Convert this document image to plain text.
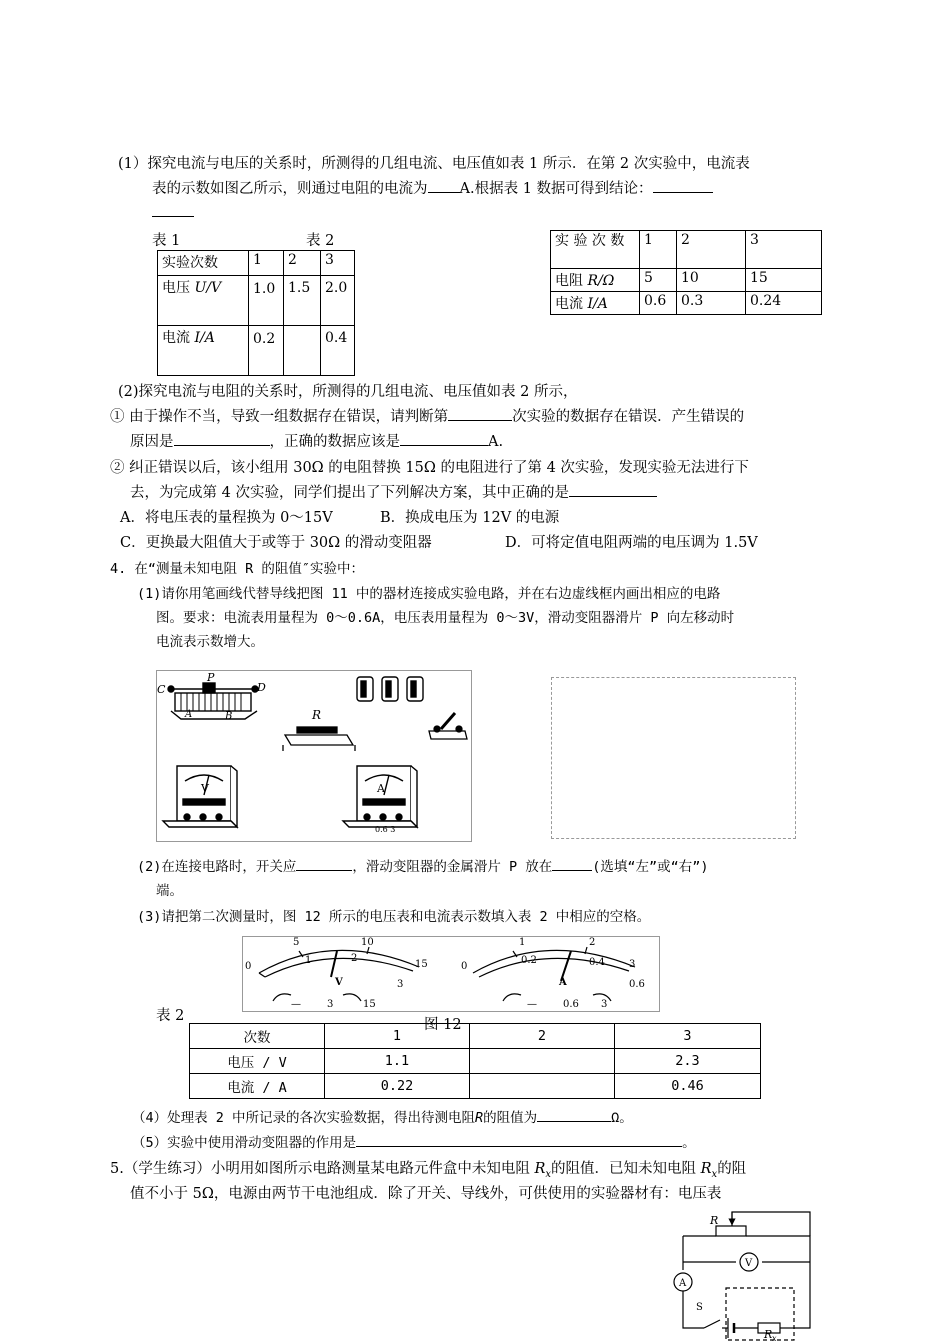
(1）探究电流与电压的关系时，所测得的几组电流、电压值如表 1 所示．在第 2 次实验中，电流表
表的示数如图乙所示，则通过电阻的电流为 A.根据表 1 数据可得到结论：
表 1	表 2
实验次数	1	2	3
电压 U/V	1.0	1.5	2.0
电流 I/A	0.2		0.4
实 验 次 数	1	2	3
电阻 R/Ω	5	10	15
电流 I/A	0.6	0.3	0.24
(2)探究电流与电阻的关系时，所测得的几组电流、电压值如表 2 所示，
① 由于操作不当，导致一组数据存在错误，请判断第	次实验的数据存在错误．产生错误的
原因是	，正确的数据应该是	A.
② 纠正错误以后，该小组用 30Ω 的电阻替换 15Ω 的电阻进行了第 4 次实验，发现实验无法进行下
去，为完成第 4 次实验，同学们提出了下列解决方案，其中正确的是
A．将电压表的量程换为 0～15V	B．换成电压为 12V 的电源
C．更换最大阻值大于或等于 30Ω 的滑动变阻器	D．可将定值电阻两端的电压调为 1.5V
4. 在“测量未知电阻 R 的阻值″实验中：
(1)请你用笔画线代替导线把图 11 中的器材连接成实验电路，并在右边虚线框内画出相应的电路
图。要求：电流表用量程为 0～0.6A，电压表用量程为 0～3V，滑动变阻器滑片 P 向左移动时
电流表示数增大。
C
P
D
A	B	R
V	A
0.6 3
(2)在连接电路时，开关应	，滑动变阻器的金属滑片 P 放在	(选填“左”或“右”)
端。
(3)请把第二次测量时，图 12 所示的电压表和电流表示数填入表 2 中相应的空格。
0
5	10
15
1	2
3
V
—	3	15
0
1	2
3
0.2	0.4
0.6
A
—	0.6 3
表 2
图 12
次数	1	2	3
电压 / V	1.1		2.3
电流 / A	0.22		0.46
（4）处理表 2 中所记录的各次实验数据，得出待测电阻R的阻值为	Ω。
（5）实验中使用滑动变阻器的作用是	。
5.（学生练习）小明用如图所示电路测量某电路元件盒中未知电阻 $R_x$的阻值．已知未知电阻 $R_x$的阻
值不小于 5Ω，电源由两节干电池组成．除了开关、导线外，可供使用的实验器材有：电压表
R
V
A
S
R x
